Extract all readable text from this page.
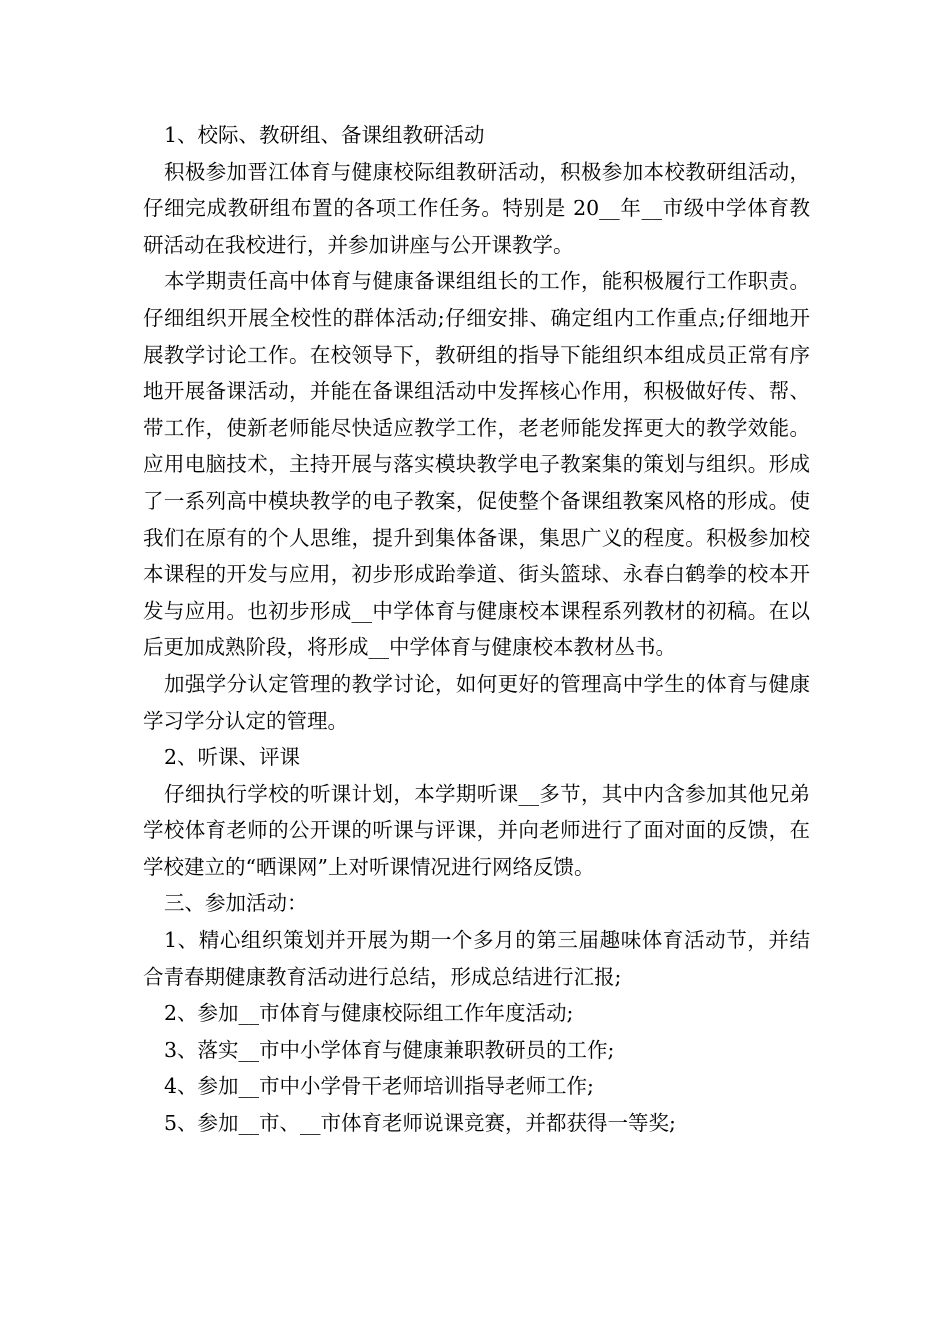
1、校际、教研组、备课组教研活动

积极参加晋江体育与健康校际组教研活动，积极参加本校教研组活动，仔细完成教研组布置的各项工作任务。特别是 20__年__市级中学体育教研活动在我校进行，并参加讲座与公开课教学。

本学期责任高中体育与健康备课组组长的工作，能积极履行工作职责。仔细组织开展全校性的群体活动;仔细安排、确定组内工作重点;仔细地开展教学讨论工作。在校领导下，教研组的指导下能组织本组成员正常有序地开展备课活动，并能在备课组活动中发挥核心作用，积极做好传、帮、带工作，使新老师能尽快适应教学工作，老老师能发挥更大的教学效能。应用电脑技术，主持开展与落实模块教学电子教案集的策划与组织。形成了一系列高中模块教学的电子教案，促使整个备课组教案风格的形成。使我们在原有的个人思维，提升到集体备课，集思广义的程度。积极参加校本课程的开发与应用，初步形成跆拳道、街头篮球、永春白鹤拳的校本开发与应用。也初步形成__中学体育与健康校本课程系列教材的初稿。在以后更加成熟阶段，将形成__中学体育与健康校本教材丛书。

加强学分认定管理的教学讨论，如何更好的管理高中学生的体育与健康学习学分认定的管理。

2、听课、评课

仔细执行学校的听课计划，本学期听课__多节，其中内含参加其他兄弟学校体育老师的公开课的听课与评课，并向老师进行了面对面的反馈，在学校建立的“晒课网”上对听课情况进行网络反馈。

三、参加活动：

1、精心组织策划并开展为期一个多月的第三届趣味体育活动节，并结合青春期健康教育活动进行总结，形成总结进行汇报;

2、参加__市体育与健康校际组工作年度活动;

3、落实__市中小学体育与健康兼职教研员的工作;

4、参加__市中小学骨干老师培训指导老师工作;

5、参加__市、__市体育老师说课竞赛，并都获得一等奖;
